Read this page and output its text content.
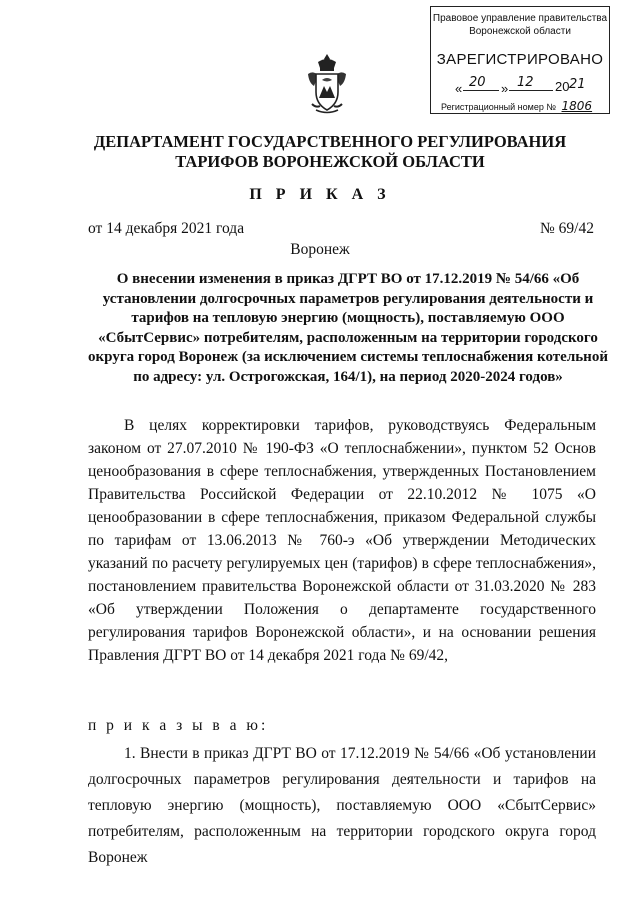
Правовое управление правительства
Воронежской области
ЗАРЕГИСТРИРОВАНО
« 20 » 12 20 21
Регистрационный номер № 1806
ДЕПАРТАМЕНТ ГОСУДАРСТВЕННОГО РЕГУЛИРОВАНИЯ
ТАРИФОВ ВОРОНЕЖСКОЙ ОБЛАСТИ
П Р И К А З
от 14 декабря 2021 года	№ 69/42
Воронеж
О внесении изменения в приказ ДГРТ ВО от 17.12.2019 № 54/66 «Об установлении долгосрочных параметров регулирования деятельности и тарифов на тепловую энергию (мощность), поставляемую ООО «СбытСервис» потребителям, расположенным на территории городского округа город Воронеж (за исключением системы теплоснабжения котельной по адресу: ул. Острогожская, 164/1), на период 2020-2024 годов»
В целях корректировки тарифов, руководствуясь Федеральным законом от 27.07.2010 № 190-ФЗ «О теплоснабжении», пунктом 52 Основ ценообразования в сфере теплоснабжения, утвержденных Постановлением Правительства Российской Федерации от 22.10.2012 № 1075 «О ценообразовании в сфере теплоснабжения, приказом Федеральной службы по тарифам от 13.06.2013 № 760-э «Об утверждении Методических указаний по расчету регулируемых цен (тарифов) в сфере теплоснабжения», постановлением правительства Воронежской области от 31.03.2020 № 283 «Об утверждении Положения о департаменте государственного регулирования тарифов Воронежской области», и на основании решения Правления ДГРТ ВО от 14 декабря 2021 года № 69/42,
п р и к а з ы в а ю:
1. Внести в приказ ДГРТ ВО от 17.12.2019 № 54/66 «Об установлении долгосрочных параметров регулирования деятельности и тарифов на тепловую энергию (мощность), поставляемую ООО «СбытСервис» потребителям, расположенным на территории городского округа город Воронеж
